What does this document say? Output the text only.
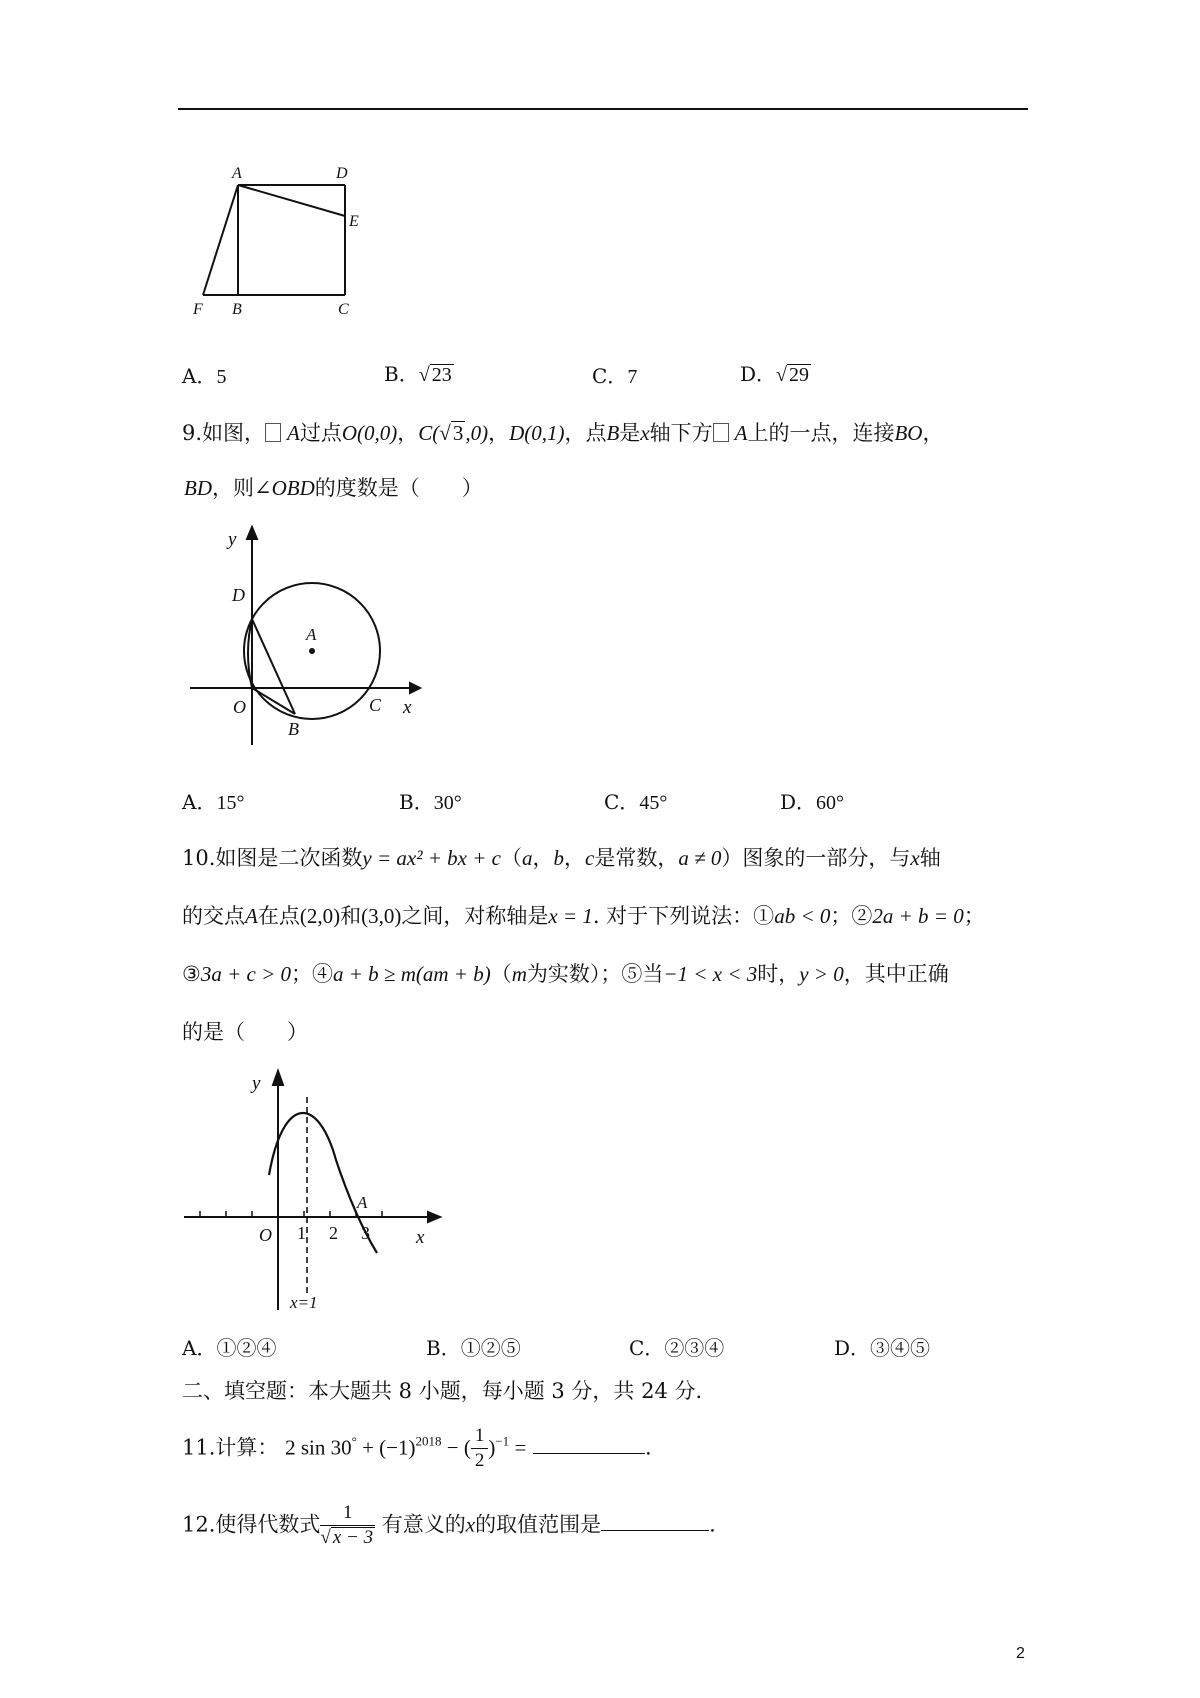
A	D
E
F B	C
A．5	B．√ 23	C．7	D．√ 29
9.如图， A过点O(0,0)，C(√3,0)，D(0,1)，点B是x轴下方 A上的一点，连接BO，
BD，则∠OBD的度数是（　　）
y
D
A
O	C x
B
A．15°	B．30°	C．45°	D．60°
10.如图是二次函数y = ax² + bx + c（a，b，c是常数，a ≠ 0）图象的一部分，与x轴
的交点A在点(2,0)和(3,0)之间，对称轴是x = 1. 对于下列说法：①ab < 0；②2a + b = 0；
③3a + c > 0；④a + b ≥ m(am + b)（m为实数）；⑤当−1 < x < 3时，y > 0，其中正确
的是（　　）
y
O 1 2 3
A
x
x=1
A．①②④	B．①②⑤	C．②③④	D．③④⑤
二、填空题：本大题共 8 小题，每小题 3 分，共 24 分.
11.计算： 2 $\sin 30^\circ + (-1)^{2018}$ − ( $\frac{1}{2} )^{-1}$ =	.
12.使得代数式 $\frac{1}{√ x - 3}$ 有意义的x的取值范围是	.
2
